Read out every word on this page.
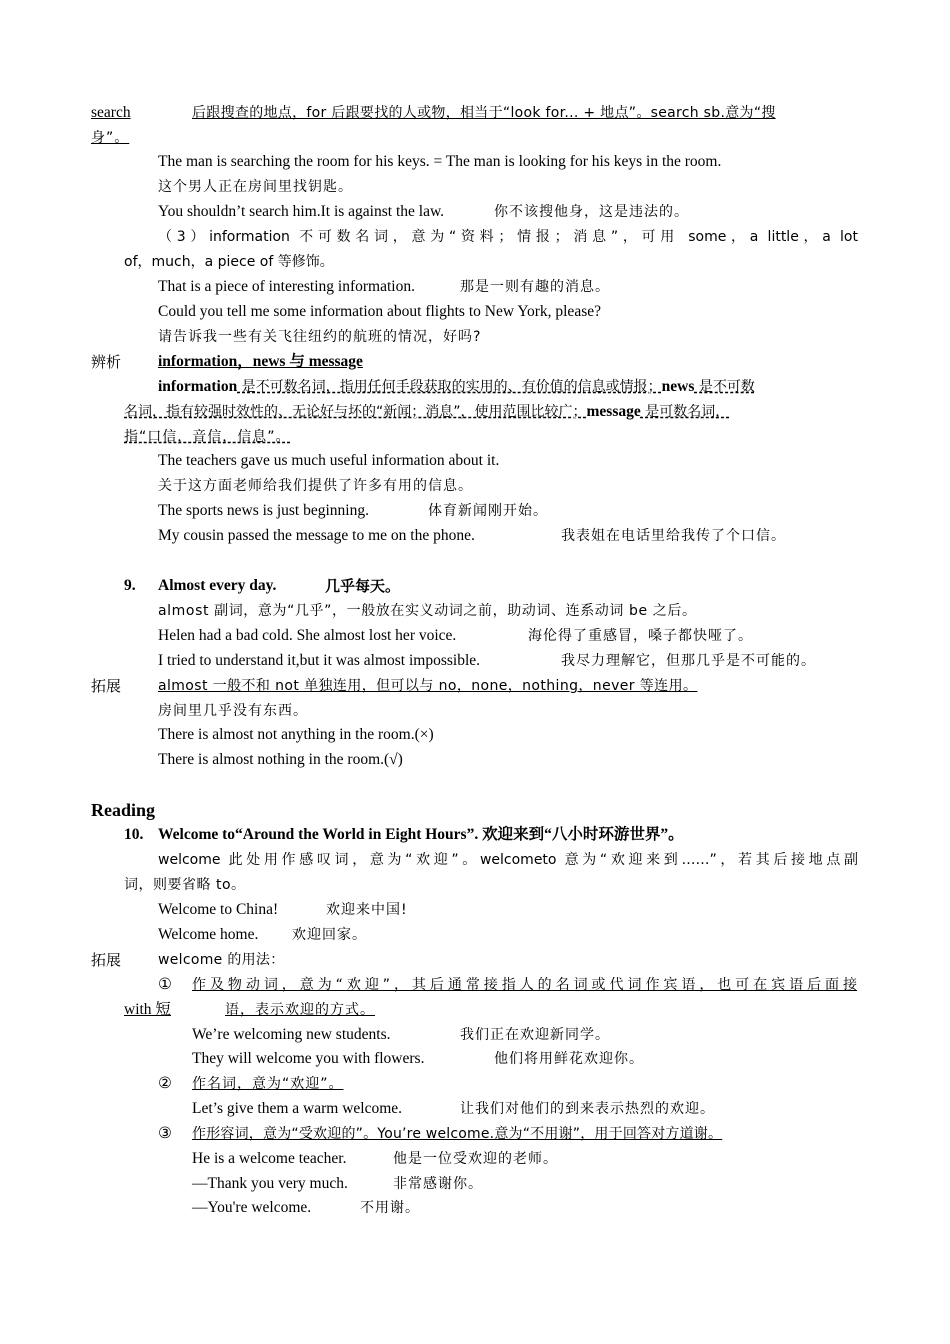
search	后跟搜查的地点，for 后跟要找的人或物，相当于“look for... + 地点”。search sb.意为“搜
身”。
The man is searching the room for his keys. = The man is looking for his keys in the room.
这个男人正在房间里找钥匙。
You shouldn’t search him.It is against the law.	你不该搜他身，这是违法的。
（3）information 不可数名词，意为“资料；情报；消息”，可用 some，a little，a lot
of，much，a piece of 等修饰。
That is a piece of interesting information.	那是一则有趣的消息。
Could you tell me some information about flights to New York, please?
请告诉我一些有关飞往纽约的航班的情况，好吗?
辨析 information，news 与 message
information 是不可数名词，指用任何手段获取的实用的、有价值的信息或情报；news 是不可数
名词，指有较强时效性的、无论好与坏的“新闻；消息”，使用范围比较广；message 是可数名词，
指“口信，音信，信息”。
The teachers gave us much useful information about it.
关于这方面老师给我们提供了许多有用的信息。
The sports news is just beginning.	体育新闻刚开始。
My cousin passed the message to me on the phone.	我表姐在电话里给我传了个口信。
9. Almost every day.	几乎每天。
almost 副词，意为“几乎”，一般放在实义动词之前，助动词、连系动词 be 之后。
Helen had a bad cold. She almost lost her voice.	海伦得了重感冒，嗓子都快哑了。
I tried to understand it,but it was almost impossible.	我尽力理解它，但那几乎是不可能的。
拓展	almost 一般不和 not 单独连用，但可以与 no，none，nothing，never 等连用。
房间里几乎没有东西。
There is almost not anything in the room.(×)
There is almost nothing in the room.(√)
Reading
10. Welcome to“Around the World in Eight Hours”. 欢迎来到“八小时环游世界”。
welcome 此处用作感叹词，意为“欢迎”。welcometo 意为“欢迎来到……”，若其后接地点副
词，则要省略 to。
Welcome to China!	欢迎来中国!
Welcome home. 欢迎回家。
拓展	welcome 的用法：
① 作及物动词，意为“欢迎”，其后通常接指人的名词或代词作宾语，也可在宾语后面接
with 短	语，表示欢迎的方式。
We’re welcoming new students.	我们正在欢迎新同学。
They will welcome you with flowers.	他们将用鲜花欢迎你。
② 作名词，意为“欢迎”。
Let’s give them a warm welcome.	让我们对他们的到来表示热烈的欢迎。
③ 作形容词，意为“受欢迎的”。You’re welcome.意为“不用谢”，用于回答对方道谢。
He is a welcome teacher.	他是一位受欢迎的老师。
—Thank you very much.	非常感谢你。
—You're welcome.	不用谢。
